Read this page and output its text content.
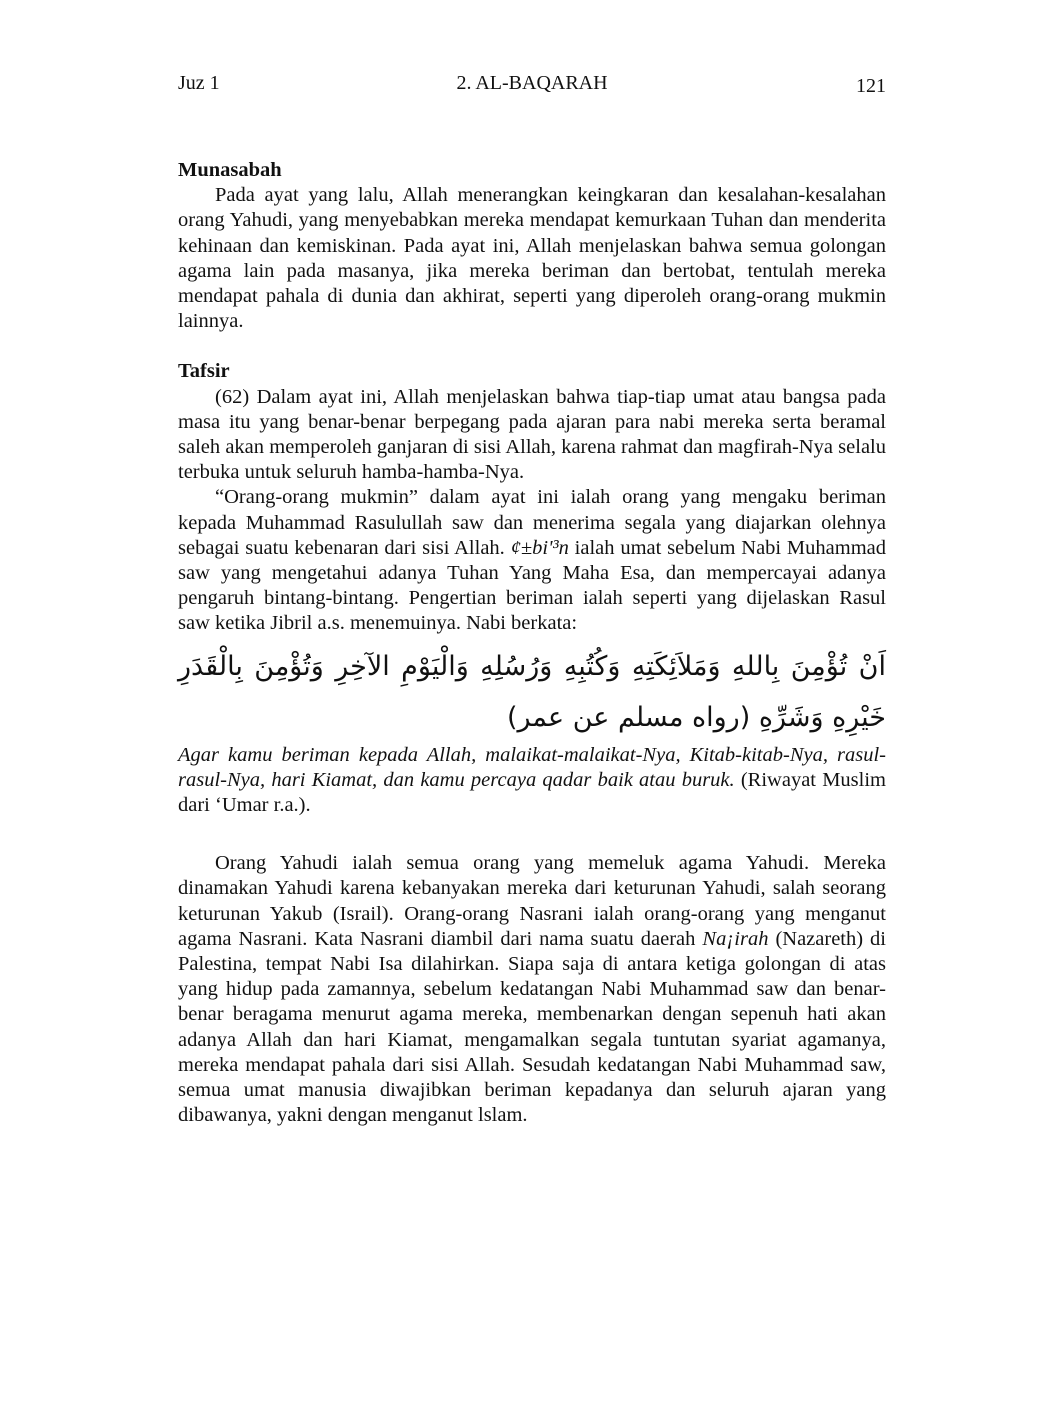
Juz 1	2. AL-BAQARAH	121
Munasabah

Pada ayat yang lalu, Allah menerangkan keingkaran dan kesalahan-kesalahan orang Yahudi, yang menyebabkan mereka mendapat kemurkaan Tuhan dan menderita kehinaan dan kemiskinan. Pada ayat ini, Allah menjelaskan bahwa semua golongan agama lain pada masanya, jika mereka beriman dan bertobat, tentulah mereka mendapat pahala di dunia dan akhirat, seperti yang diperoleh orang-orang mukmin lainnya.

Tafsir

(62) Dalam ayat ini, Allah menjelaskan bahwa tiap-tiap umat atau bangsa pada masa itu yang benar-benar berpegang pada ajaran para nabi mereka serta beramal saleh akan memperoleh ganjaran di sisi Allah, karena rahmat dan magfirah-Nya selalu terbuka untuk seluruh hamba-hamba-Nya.

“Orang-orang mukmin” dalam ayat ini ialah orang yang mengaku beriman kepada Muhammad Rasulullah saw dan menerima segala yang diajarkan olehnya sebagai suatu kebenaran dari sisi Allah. ¢±bi'³n ialah umat sebelum Nabi Muhammad saw yang mengetahui adanya Tuhan Yang Maha Esa, dan mempercayai adanya pengaruh bintang-bintang. Pengertian beriman ialah seperti yang dijelaskan Rasul saw ketika Jibril a.s. menemuinya. Nabi berkata:

اَنْ تُؤْمِنَ بِاللهِ وَمَلاَئِكَتِهِ وَكُتُبِهِ وَرُسُلِهِ وَالْيَوْمِ الآخِرِ وَتُؤْمِنَ بِالْقَدَرِ خَيْرِهِ وَشَرِّهِ (رواه مسلم عن عمر)

Agar kamu beriman kepada Allah, malaikat-malaikat-Nya, Kitab-kitab-Nya, rasul-rasul-Nya, hari Kiamat, dan kamu percaya qadar baik atau buruk. (Riwayat Muslim dari ‘Umar r.a.).

Orang Yahudi ialah semua orang yang memeluk agama Yahudi. Mereka dinamakan Yahudi karena kebanyakan mereka dari keturunan Yahudi, salah seorang keturunan Yakub (Israil). Orang-orang Nasrani ialah orang-orang yang menganut agama Nasrani. Kata Nasrani diambil dari nama suatu daerah Na¡irah (Nazareth) di Palestina, tempat Nabi Isa dilahirkan. Siapa saja di antara ketiga golongan di atas yang hidup pada zamannya, sebelum kedatangan Nabi Muhammad saw dan benar-benar beragama menurut agama mereka, membenarkan dengan sepenuh hati akan adanya Allah dan hari Kiamat, mengamalkan segala tuntutan syariat agamanya, mereka mendapat pahala dari sisi Allah. Sesudah kedatangan Nabi Muhammad saw, semua umat manusia diwajibkan beriman kepadanya dan seluruh ajaran yang dibawanya, yakni dengan menganut lslam.
